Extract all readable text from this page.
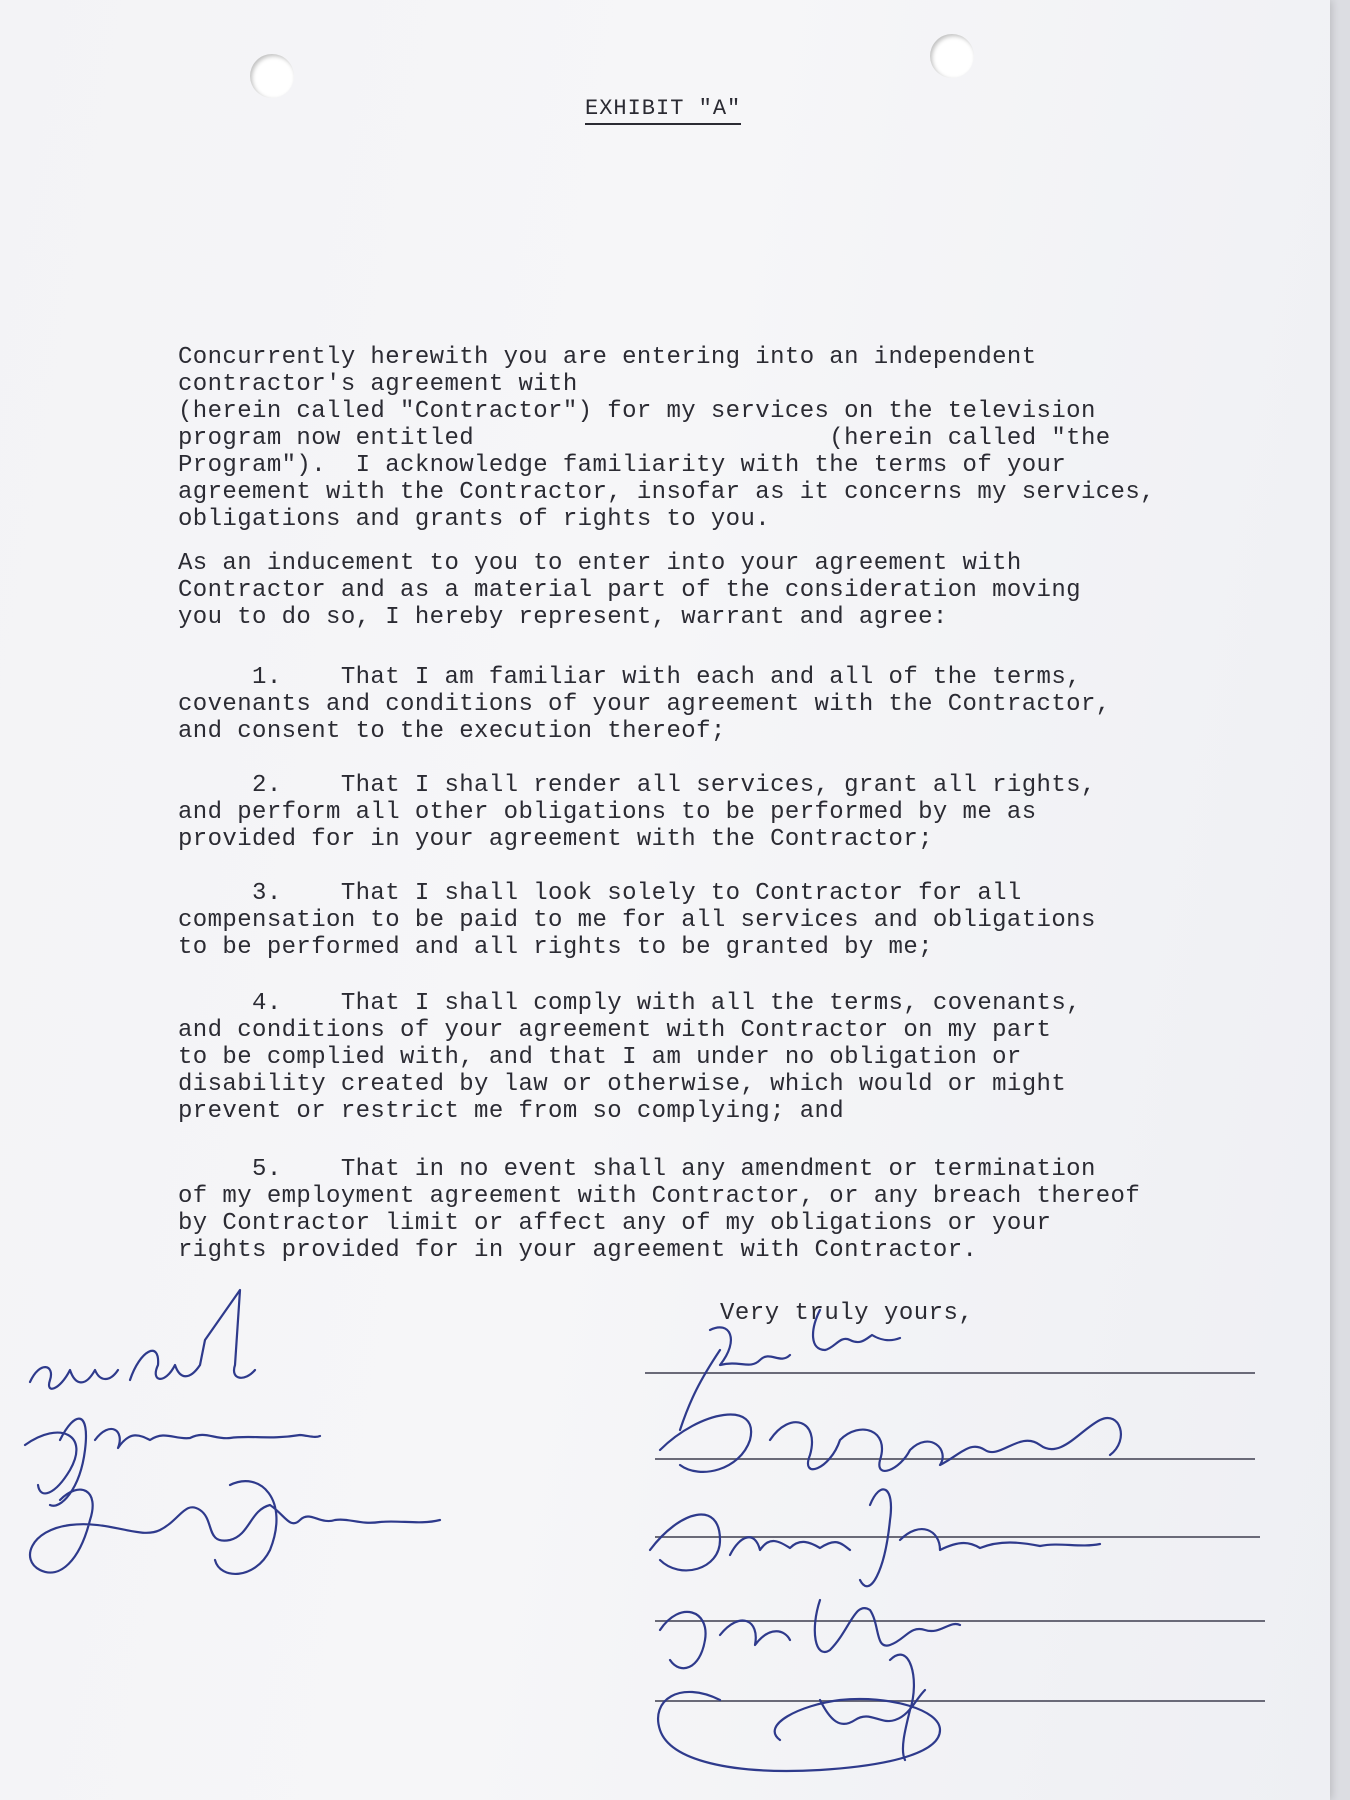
EXHIBIT "A"
Concurrently herewith you are entering into an independent
contractor's agreement with
(herein called "Contractor") for my services on the television
program now entitled                        (herein called "the
Program").  I acknowledge familiarity with the terms of your
agreement with the Contractor, insofar as it concerns my services,
obligations and grants of rights to you.
As an inducement to you to enter into your agreement with
Contractor and as a material part of the consideration moving
you to do so, I hereby represent, warrant and agree:
1.    That I am familiar with each and all of the terms,
covenants and conditions of your agreement with the Contractor,
and consent to the execution thereof;
2.    That I shall render all services, grant all rights,
and perform all other obligations to be performed by me as
provided for in your agreement with the Contractor;
3.    That I shall look solely to Contractor for all
compensation to be paid to me for all services and obligations
to be performed and all rights to be granted by me;
4.    That I shall comply with all the terms, covenants,
and conditions of your agreement with Contractor on my part
to be complied with, and that I am under no obligation or
disability created by law or otherwise, which would or might
prevent or restrict me from so complying; and
5.    That in no event shall any amendment or termination
of my employment agreement with Contractor, or any breach thereof
by Contractor limit or affect any of my obligations or your
rights provided for in your agreement with Contractor.
Very truly yours,
